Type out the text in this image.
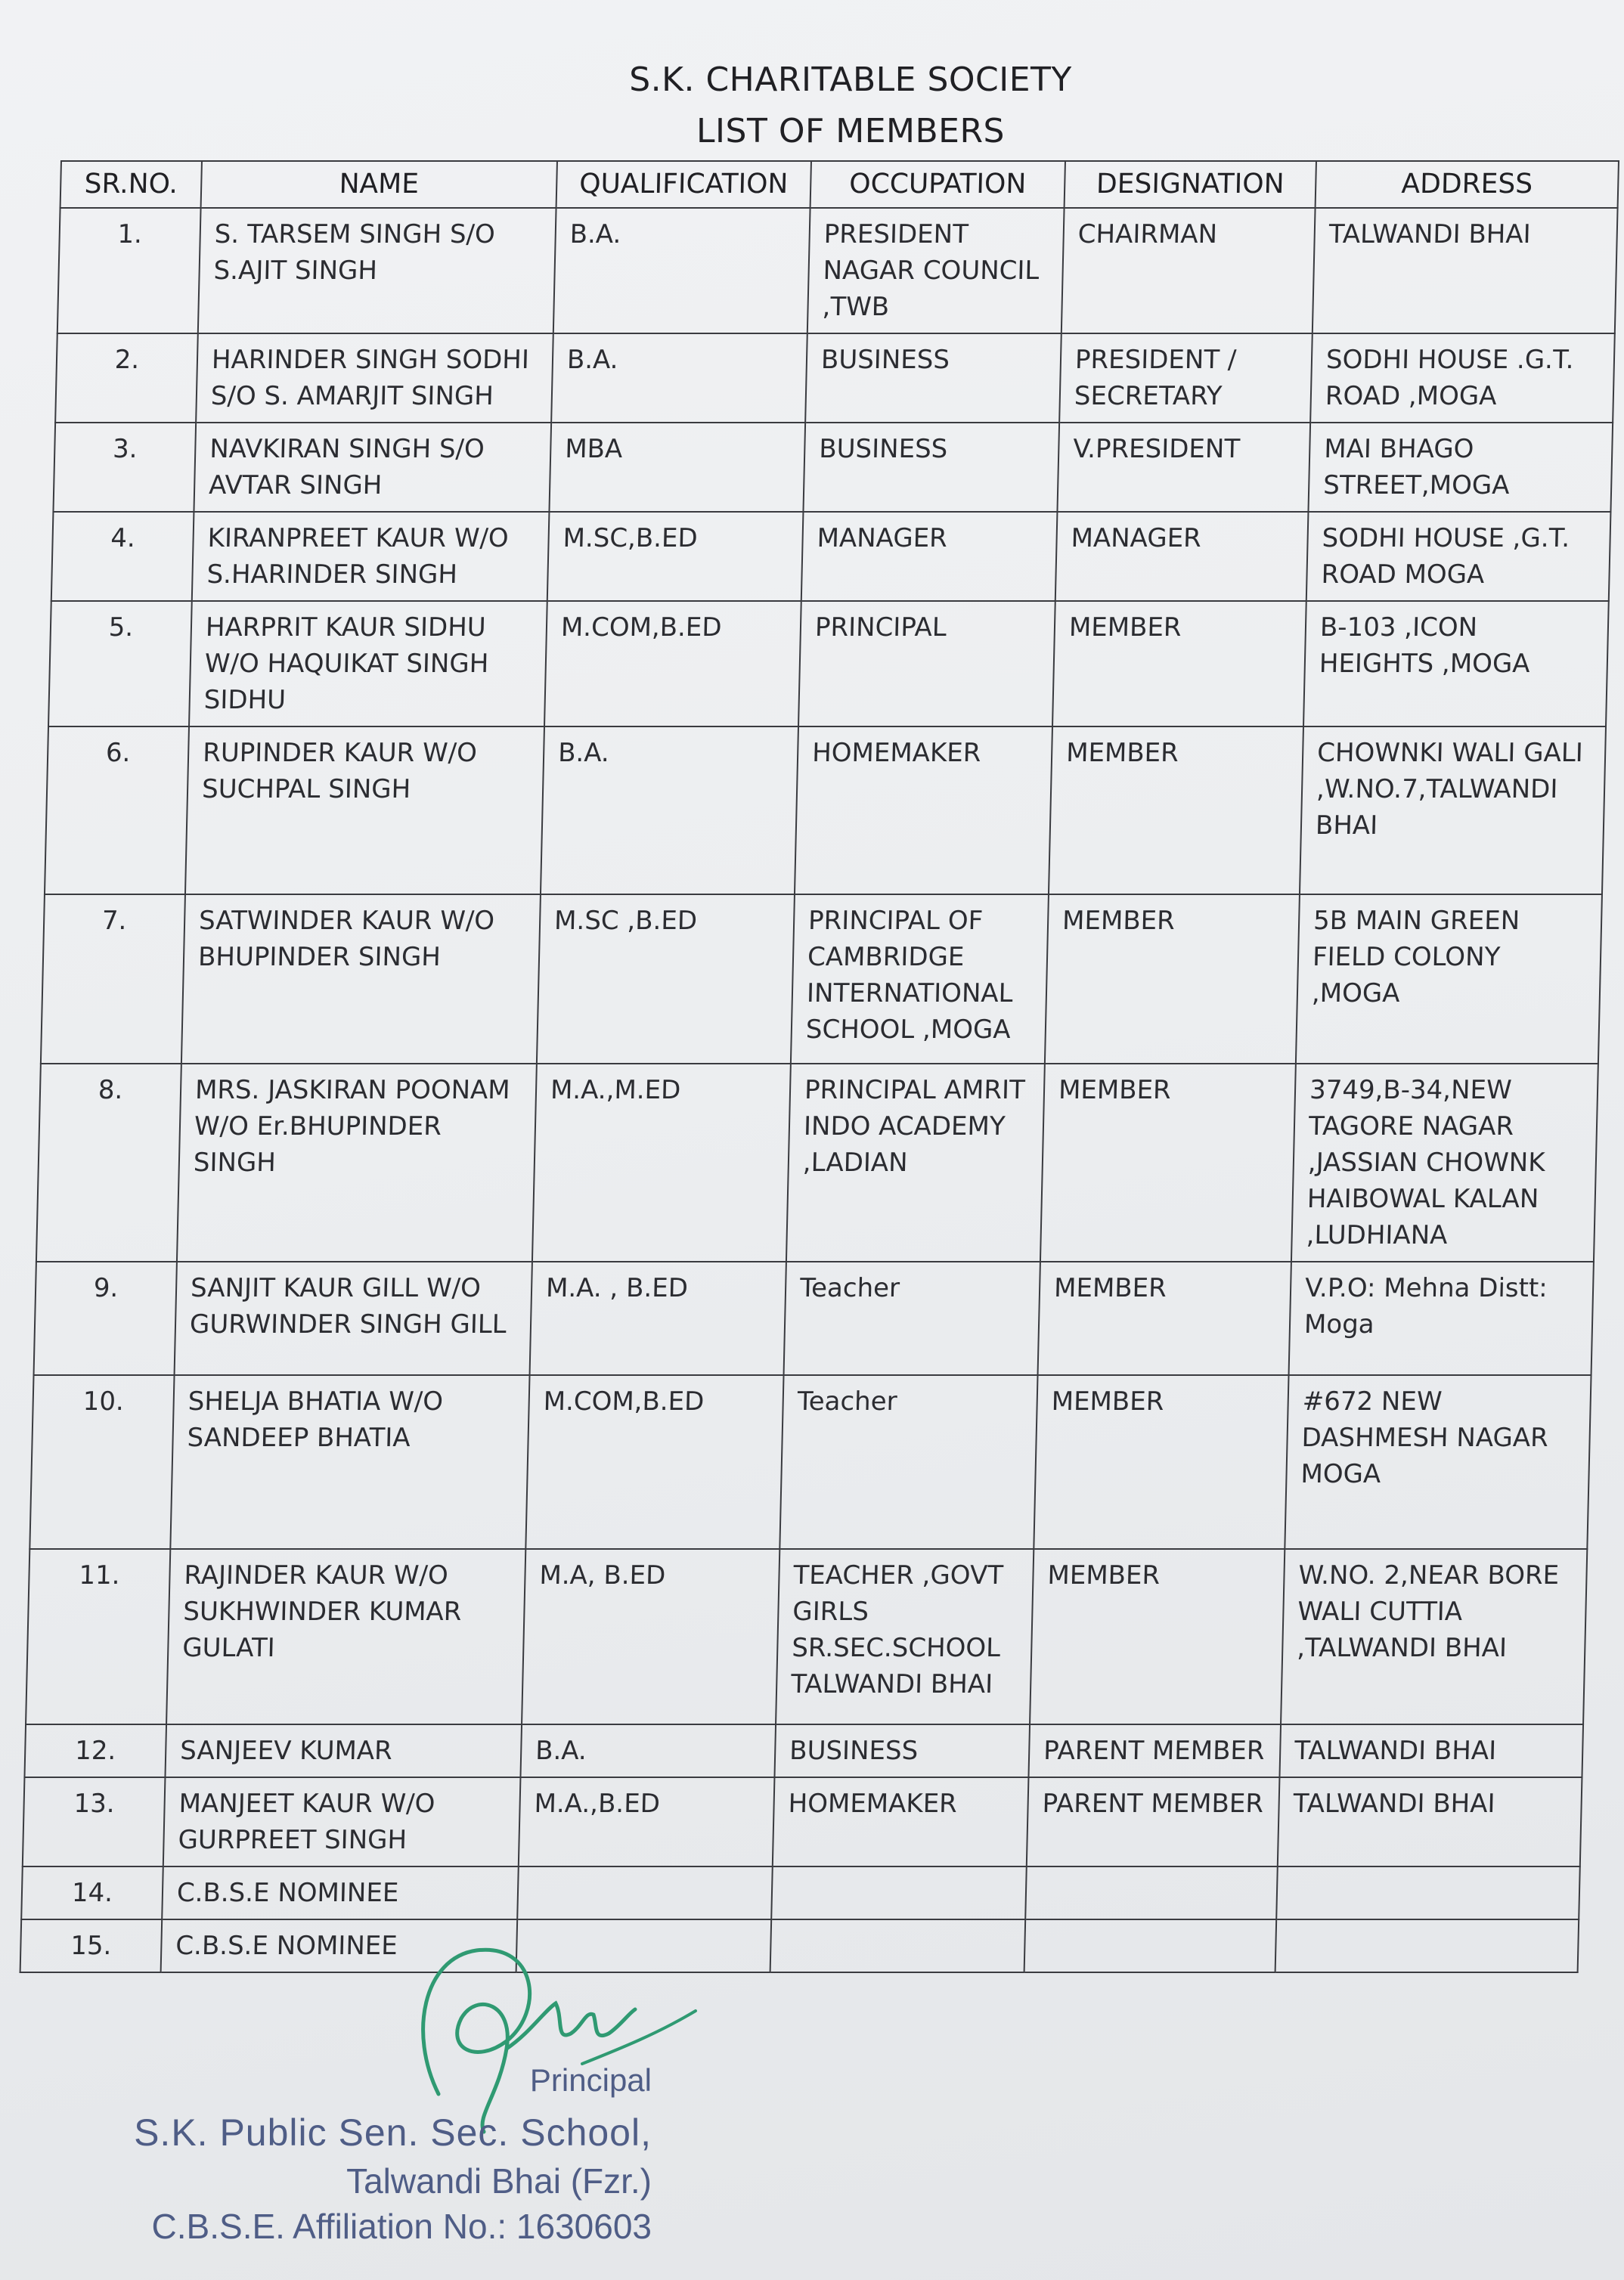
S.K. CHARITABLE SOCIETY
LIST OF MEMBERS
SR.NO.	NAME	QUALIFICATION	OCCUPATION	DESIGNATION	ADDRESS
1.	S. TARSEM SINGH S/O S.AJIT SINGH	B.A.	PRESIDENT NAGAR COUNCIL ,TWB	CHAIRMAN	TALWANDI BHAI
2.	HARINDER SINGH SODHI S/O S. AMARJIT SINGH	B.A.	BUSINESS	PRESIDENT / SECRETARY	SODHI HOUSE .G.T. ROAD ,MOGA
3.	NAVKIRAN SINGH S/O AVTAR SINGH	MBA	BUSINESS	V.PRESIDENT	MAI BHAGO STREET,MOGA
4.	KIRANPREET KAUR W/O S.HARINDER SINGH	M.SC,B.ED	MANAGER	MANAGER	SODHI HOUSE ,G.T. ROAD MOGA
5.	HARPRIT KAUR SIDHU W/O HAQUIKAT SINGH SIDHU	M.COM,B.ED	PRINCIPAL	MEMBER	B-103 ,ICON HEIGHTS ,MOGA
6.	RUPINDER KAUR W/O SUCHPAL SINGH	B.A.	HOMEMAKER	MEMBER	CHOWNKI WALI GALI ,W.NO.7,TALWANDI BHAI
7.	SATWINDER KAUR W/O BHUPINDER SINGH	M.SC ,B.ED	PRINCIPAL OF CAMBRIDGE INTERNATIONAL SCHOOL ,MOGA	MEMBER	5B MAIN GREEN FIELD COLONY ,MOGA
8.	MRS. JASKIRAN POONAM W/O Er.BHUPINDER SINGH	M.A.,M.ED	PRINCIPAL AMRIT INDO ACADEMY ,LADIAN	MEMBER	3749,B-34,NEW TAGORE NAGAR ,JASSIAN CHOWNK HAIBOWAL KALAN ,LUDHIANA
9.	SANJIT KAUR GILL W/O GURWINDER SINGH GILL	M.A. , B.ED	Teacher	MEMBER	V.P.O: Mehna Distt: Moga
10.	SHELJA BHATIA W/O SANDEEP BHATIA	M.COM,B.ED	Teacher	MEMBER	#672 NEW DASHMESH NAGAR MOGA
11.	RAJINDER KAUR W/O SUKHWINDER KUMAR GULATI	M.A, B.ED	TEACHER ,GOVT GIRLS SR.SEC.SCHOOL TALWANDI BHAI	MEMBER	W.NO. 2,NEAR BORE WALI CUTTIA ,TALWANDI BHAI
12.	SANJEEV KUMAR	B.A.	BUSINESS	PARENT MEMBER	TALWANDI BHAI
13.	MANJEET KAUR W/O GURPREET SINGH	M.A.,B.ED	HOMEMAKER	PARENT MEMBER	TALWANDI BHAI
14.	C.B.S.E NOMINEE				
15.	C.B.S.E NOMINEE				
Principal
S.K. Public Sen. Sec. School,
Talwandi Bhai (Fzr.)
C.B.S.E. Affiliation No.: 1630603
